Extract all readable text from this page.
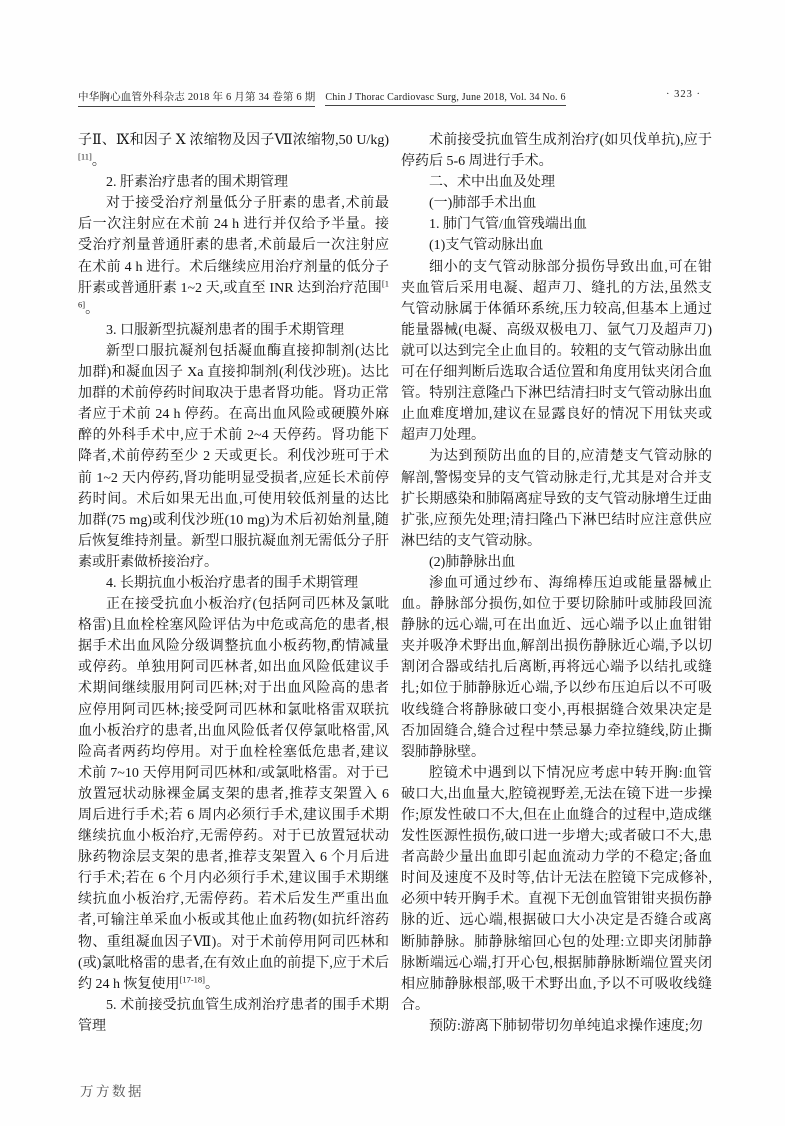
中华胸心血管外科杂志 2018 年 6 月第 34 卷第 6 期 Chin J Thorac Cardiovasc Surg, June 2018, Vol. 34 No. 6	· 323 ·

子Ⅱ、Ⅸ和因子 Ⅹ 浓缩物及因子Ⅶ浓缩物,50 U/kg)[11]。

2. 肝素治疗患者的围术期管理

对于接受治疗剂量低分子肝素的患者,术前最后一次注射应在术前 24 h 进行并仅给予半量。接受治疗剂量普通肝素的患者,术前最后一次注射应在术前 4 h 进行。术后继续应用治疗剂量的低分子肝素或普通肝素 1~2 天,或直至 INR 达到治疗范围[16]。

3. 口服新型抗凝剂患者的围手术期管理

新型口服抗凝剂包括凝血酶直接抑制剂(达比加群)和凝血因子 Xa 直接抑制剂(利伐沙班)。达比加群的术前停药时间取决于患者肾功能。肾功正常者应于术前 24 h 停药。在高出血风险或硬膜外麻醉的外科手术中,应于术前 2~4 天停药。肾功能下降者,术前停药至少 2 天或更长。利伐沙班可于术前 1~2 天内停药,肾功能明显受损者,应延长术前停药时间。术后如果无出血,可使用较低剂量的达比加群(75 mg)或利伐沙班(10 mg)为术后初始剂量,随后恢复维持剂量。新型口服抗凝血剂无需低分子肝素或肝素做桥接治疗。

4. 长期抗血小板治疗患者的围手术期管理

正在接受抗血小板治疗(包括阿司匹林及氯吡格雷)且血栓栓塞风险评估为中危或高危的患者,根据手术出血风险分级调整抗血小板药物,酌情减量或停药。单独用阿司匹林者,如出血风险低建议手术期间继续服用阿司匹林;对于出血风险高的患者应停用阿司匹林;接受阿司匹林和氯吡格雷双联抗血小板治疗的患者,出血风险低者仅停氯吡格雷,风险高者两药均停用。对于血栓栓塞低危患者,建议术前 7~10 天停用阿司匹林和/或氯吡格雷。对于已放置冠状动脉裸金属支架的患者,推荐支架置入 6 周后进行手术;若 6 周内必须行手术,建议围手术期继续抗血小板治疗,无需停药。对于已放置冠状动脉药物涂层支架的患者,推荐支架置入 6 个月后进行手术;若在 6 个月内必须行手术,建议围手术期继续抗血小板治疗,无需停药。若术后发生严重出血者,可输注单采血小板或其他止血药物(如抗纤溶药物、重组凝血因子Ⅶ)。对于术前停用阿司匹林和(或)氯吡格雷的患者,在有效止血的前提下,应于术后约 24 h 恢复使用[17-18]。

5. 术前接受抗血管生成剂治疗患者的围手术期管理

术前接受抗血管生成剂治疗(如贝伐单抗),应于停药后 5-6 周进行手术。

二、术中出血及处理

(一)肺部手术出血

1. 肺门气管/血管残端出血

(1)支气管动脉出血

细小的支气管动脉部分损伤导致出血,可在钳夹血管后采用电凝、超声刀、缝扎的方法,虽然支气管动脉属于体循环系统,压力较高,但基本上通过能量器械(电凝、高级双极电刀、氩气刀及超声刀)就可以达到完全止血目的。较粗的支气管动脉出血可在仔细判断后选取合适位置和角度用钛夹闭合血管。特别注意隆凸下淋巴结清扫时支气管动脉出血止血难度增加,建议在显露良好的情况下用钛夹或超声刀处理。

为达到预防出血的目的,应清楚支气管动脉的解剖,警惕变异的支气管动脉走行,尤其是对合并支扩长期感染和肺隔离症导致的支气管动脉增生迂曲扩张,应预先处理;清扫隆凸下淋巴结时应注意供应淋巴结的支气管动脉。

(2)肺静脉出血

渗血可通过纱布、海绵棒压迫或能量器械止血。静脉部分损伤,如位于要切除肺叶或肺段回流静脉的远心端,可在出血近、远心端予以止血钳钳夹并吸净术野出血,解剖出损伤静脉近心端,予以切割闭合器或结扎后离断,再将远心端予以结扎或缝扎;如位于肺静脉近心端,予以纱布压迫后以不可吸收线缝合将静脉破口变小,再根据缝合效果决定是否加固缝合,缝合过程中禁忌暴力牵拉缝线,防止撕裂肺静脉壁。

腔镜术中遇到以下情况应考虑中转开胸:血管破口大,出血量大,腔镜视野差,无法在镜下进一步操作;原发性破口不大,但在止血缝合的过程中,造成继发性医源性损伤,破口进一步增大;或者破口不大,患者高龄少量出血即引起血流动力学的不稳定;备血时间及速度不及时等,估计无法在腔镜下完成修补,必须中转开胸手术。直视下无创血管钳钳夹损伤静脉的近、远心端,根据破口大小决定是否缝合或离断肺静脉。肺静脉缩回心包的处理:立即夹闭肺静脉断端远心端,打开心包,根据肺静脉断端位置夹闭相应肺静脉根部,吸干术野出血,予以不可吸收线缝合。

预防:游离下肺韧带切勿单纯追求操作速度;勿

万方数据
